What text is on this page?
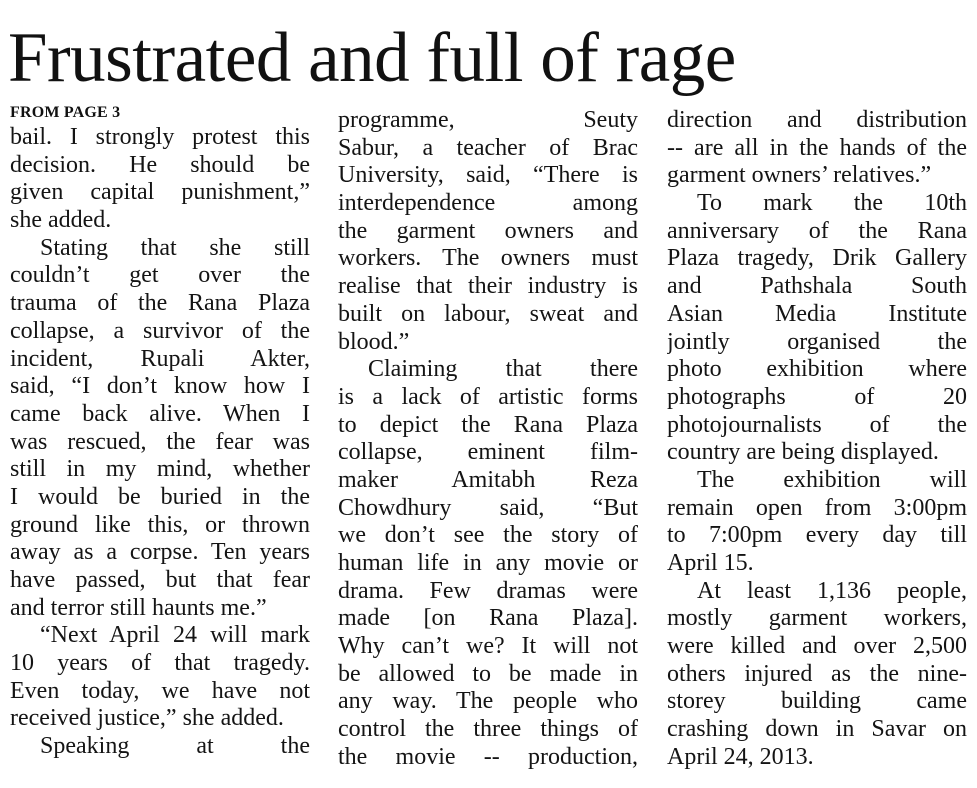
Frustrated and full of rage
FROM PAGE 3
bail. I strongly protest this
decision. He should be
given capital punishment,”
she added.
Stating that she still
couldn’t get over the
trauma of the Rana Plaza
collapse, a survivor of the
incident, Rupali Akter,
said, “I don’t know how I
came back alive. When I
was rescued, the fear was
still in my mind, whether
I would be buried in the
ground like this, or thrown
away as a corpse. Ten years
have passed, but that fear
and terror still haunts me.”
“Next April 24 will mark
10 years of that tragedy.
Even today, we have not
received justice,” she added.
Speaking at the
programme, Seuty
Sabur, a teacher of Brac
University, said, “There is
interdependence among
the garment owners and
workers. The owners must
realise that their industry is
built on labour, sweat and
blood.”
Claiming that there
is a lack of artistic forms
to depict the Rana Plaza
collapse, eminent film-
maker Amitabh Reza
Chowdhury said, “But
we don’t see the story of
human life in any movie or
drama. Few dramas were
made [on Rana Plaza].
Why can’t we? It will not
be allowed to be made in
any way. The people who
control the three things of
the movie -- production,
direction and distribution
-- are all in the hands of the
garment owners’ relatives.”
To mark the 10th
anniversary of the Rana
Plaza tragedy, Drik Gallery
and Pathshala South
Asian Media Institute
jointly organised the
photo exhibition where
photographs of 20
photojournalists of the
country are being displayed.
The exhibition will
remain open from 3:00pm
to 7:00pm every day till
April 15.
At least 1,136 people,
mostly garment workers,
were killed and over 2,500
others injured as the nine-
storey building came
crashing down in Savar on
April 24, 2013.
